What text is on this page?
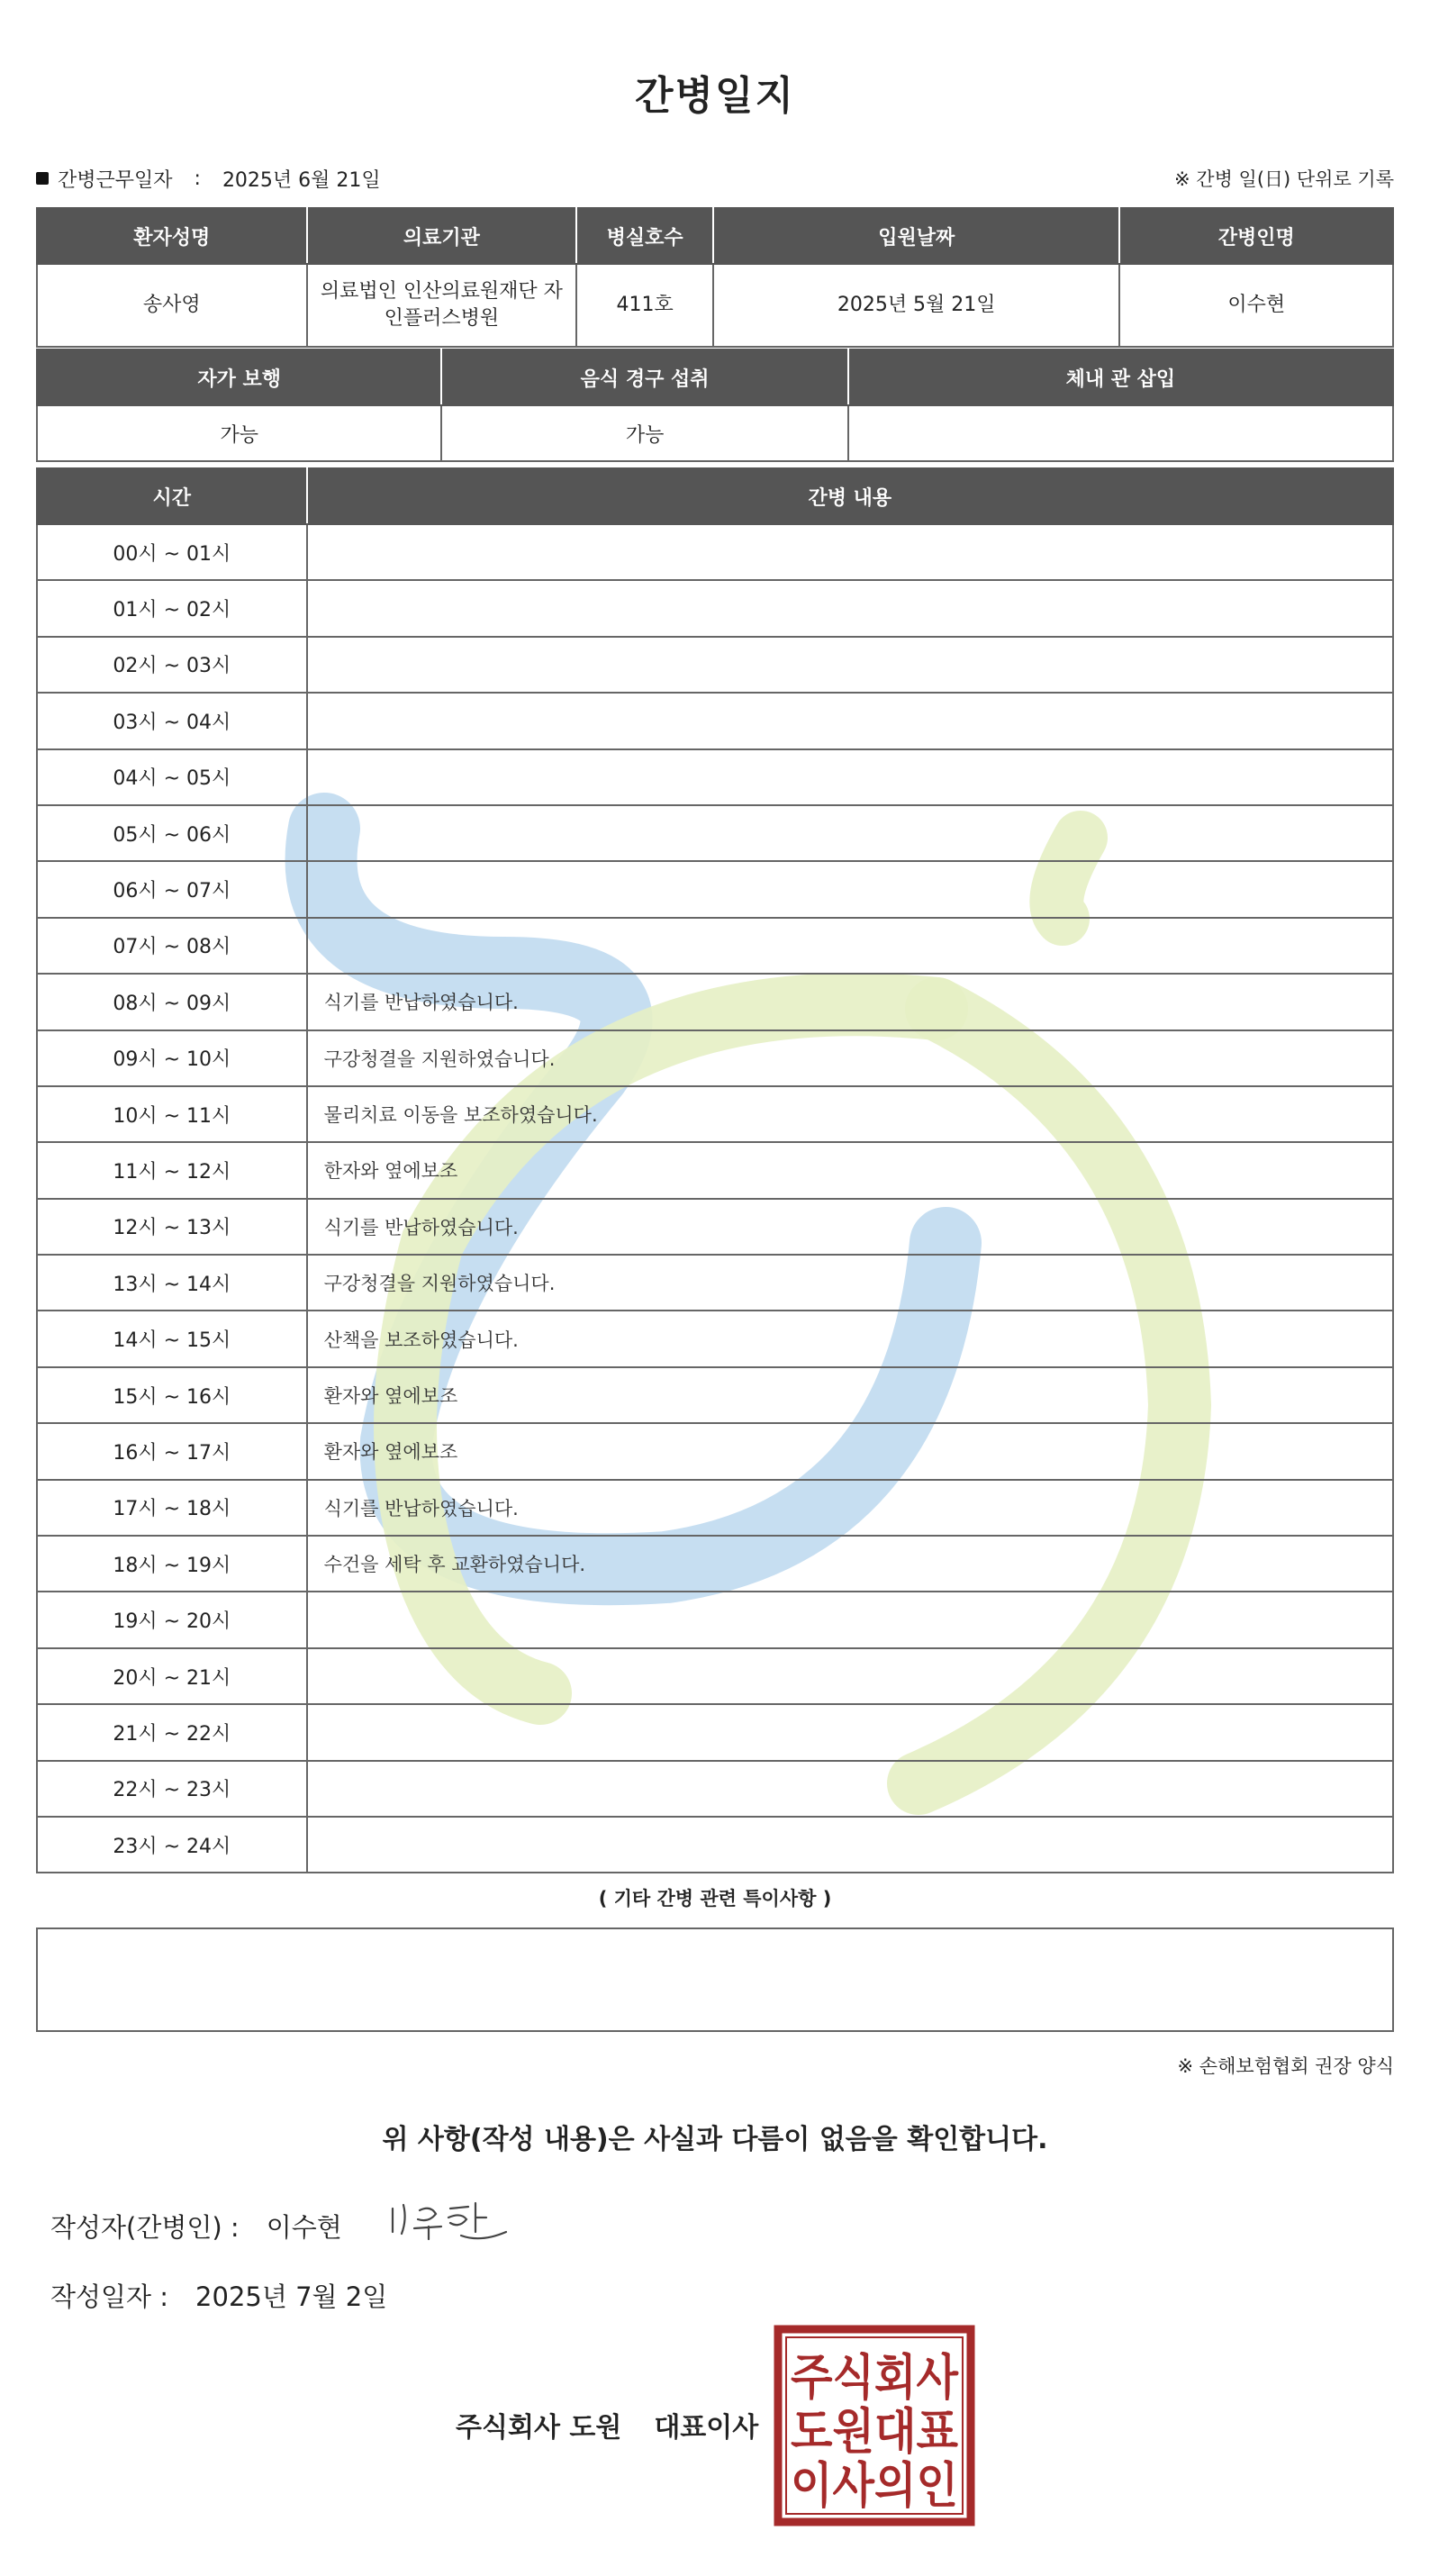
간병일지
간병근무일자 : 2025년 6월 21일	※ 간병 일(日) 단위로 기록
환자성명	의료기관	병실호수	입원날짜	간병인명
송사영	의료법인 인산의료원재단 자인플러스병원	411호	2025년 5월 21일	이수현
자가 보행	음식 경구 섭취	체내 관 삽입
가능	가능	
시간	간병 내용
00시 ~ 01시	
01시 ~ 02시	
02시 ~ 03시	
03시 ~ 04시	
04시 ~ 05시	
05시 ~ 06시	
06시 ~ 07시	
07시 ~ 08시	
08시 ~ 09시	식기를 반납하였습니다.
09시 ~ 10시	구강청결을 지원하였습니다.
10시 ~ 11시	물리치료 이동을 보조하였습니다.
11시 ~ 12시	한자와 옆에보조
12시 ~ 13시	식기를 반납하였습니다.
13시 ~ 14시	구강청결을 지원하였습니다.
14시 ~ 15시	산책을 보조하였습니다.
15시 ~ 16시	환자와 옆에보조
16시 ~ 17시	환자와 옆에보조
17시 ~ 18시	식기를 반납하였습니다.
18시 ~ 19시	수건을 세탁 후 교환하였습니다.
19시 ~ 20시	
20시 ~ 21시	
21시 ~ 22시	
22시 ~ 23시	
23시 ~ 24시	
( 기타 간병 관련 특이사항 )
※ 손해보험협회 권장 양식
위 사항(작성 내용)은 사실과 다름이 없음을 확인합니다.
작성자(간병인) : 이수현
작성일자 : 2025년 7월 2일
주식회사 도원 대표이사
주식회사
도원대표
이사의인
